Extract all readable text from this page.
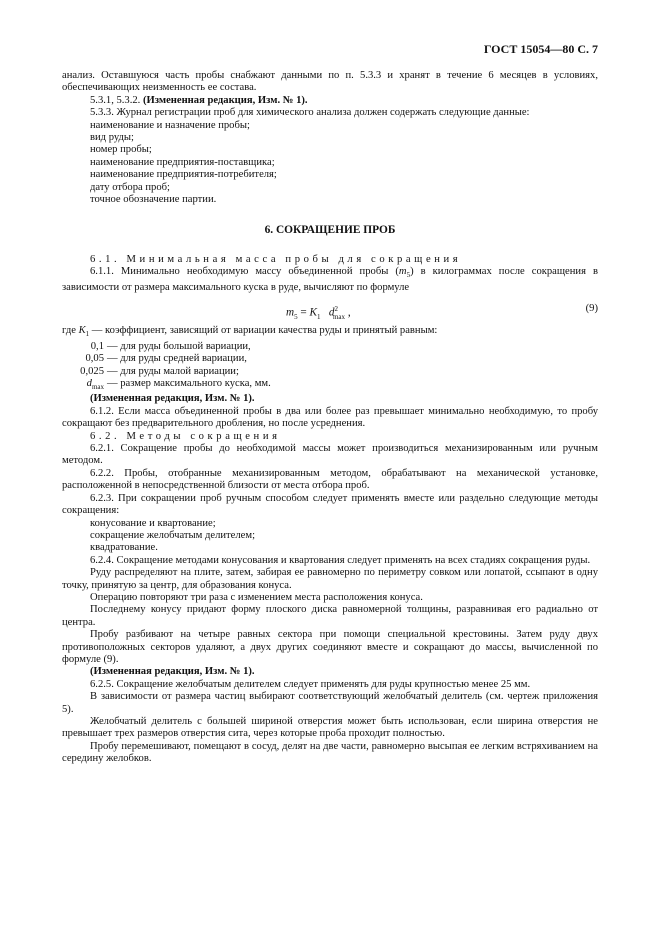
ГОСТ 15054—80 С. 7

анализ. Оставшуюся часть пробы снабжают данными по п. 5.3.3 и хранят в течение 6 месяцев в условиях, обеспечивающих неизменность ее состава.

5.3.1, 5.3.2. (Измененная редакция, Изм. № 1).

5.3.3. Журнал регистрации проб для химического анализа должен содержать следующие данные:

наименование и назначение пробы;
вид руды;
номер пробы;
наименование предприятия-поставщика;
наименование предприятия-потребителя;
дату отбора проб;
точное обозначение партии.
6. СОКРАЩЕНИЕ ПРОБ

6.1. Минимальная масса пробы для сокращения

6.1.1. Минимально необходимую массу объединенной пробы $(m_5)$ в килограммах после сокращения в зависимости от размера максимального куска в руде, вычисляют по формуле

$m_5 = K_1$ $d^2_{max}$ ,	(9)

где $K_1$ — коэффициент, зависящий от вариации качества руды и принятый равным:

0,1 — для руды большой вариации,
0,05 — для руды средней вариации,
0,025 — для руды малой вариации;
$d_{max}$ — размер максимального куска, мм.

(Измененная редакция, Изм. № 1).

6.1.2. Если масса объединенной пробы в два или более раз превышает минимально необходимую, то пробу сокращают без предварительного дробления, но после усреднения.

6.2. Методы сокращения

6.2.1. Сокращение пробы до необходимой массы может производиться механизированным или ручным методом.

6.2.2. Пробы, отобранные механизированным методом, обрабатывают на механической установке, расположенной в непосредственной близости от места отбора проб.

6.2.3. При сокращении проб ручным способом следует применять вместе или раздельно следующие методы сокращения:

конусование и квартование;
сокращение желобчатым делителем;
квадратование.

6.2.4. Сокращение методами конусования и квартования следует применять на всех стадиях сокращения руды.

Руду распределяют на плите, затем, забирая ее равномерно по периметру совком или лопатой, ссыпают в одну точку, принятую за центр, для образования конуса.

Операцию повторяют три раза с изменением места расположения конуса.

Последнему конусу придают форму плоского диска равномерной толщины, разравнивая его радиально от центра.

Пробу разбивают на четыре равных сектора при помощи специальной крестовины. Затем руду двух противоположных секторов удаляют, а двух других соединяют вместе и сокращают до массы, вычисленной по формуле (9).

(Измененная редакция, Изм. № 1).

6.2.5. Сокращение желобчатым делителем следует применять для руды крупностью менее 25 мм.

В зависимости от размера частиц выбирают соответствующий желобчатый делитель (см. чертеж приложения 5).

Желобчатый делитель с большей шириной отверстия может быть использован, если ширина отверстия не превышает трех размеров отверстия сита, через которые проба проходит полностью.

Пробу перемешивают, помещают в сосуд, делят на две части, равномерно высыпая ее легким встряхиванием на середину желобков.
